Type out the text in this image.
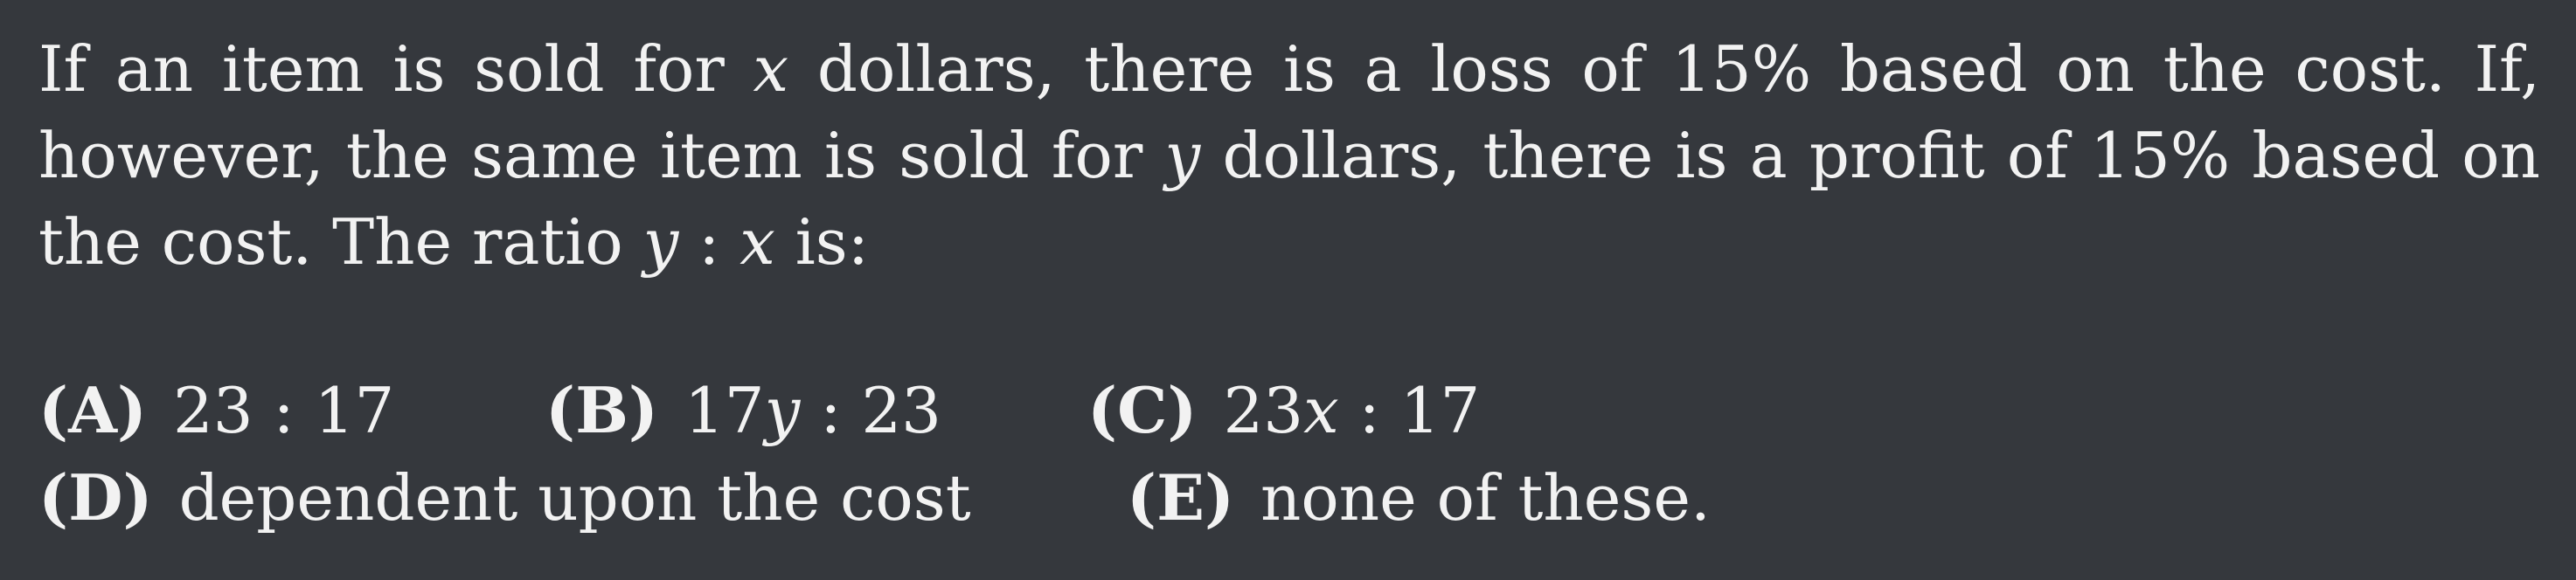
If an item is sold for x dollars, there is a loss of 15% based on the cost. If, however, the same item is sold for y dollars, there is a profit of 15% based on the cost. The ratio y : x is:
(A) 23 : 17 (B) 17y : 23 (C) 23x : 17
(D) dependent upon the cost (E) none of these.
